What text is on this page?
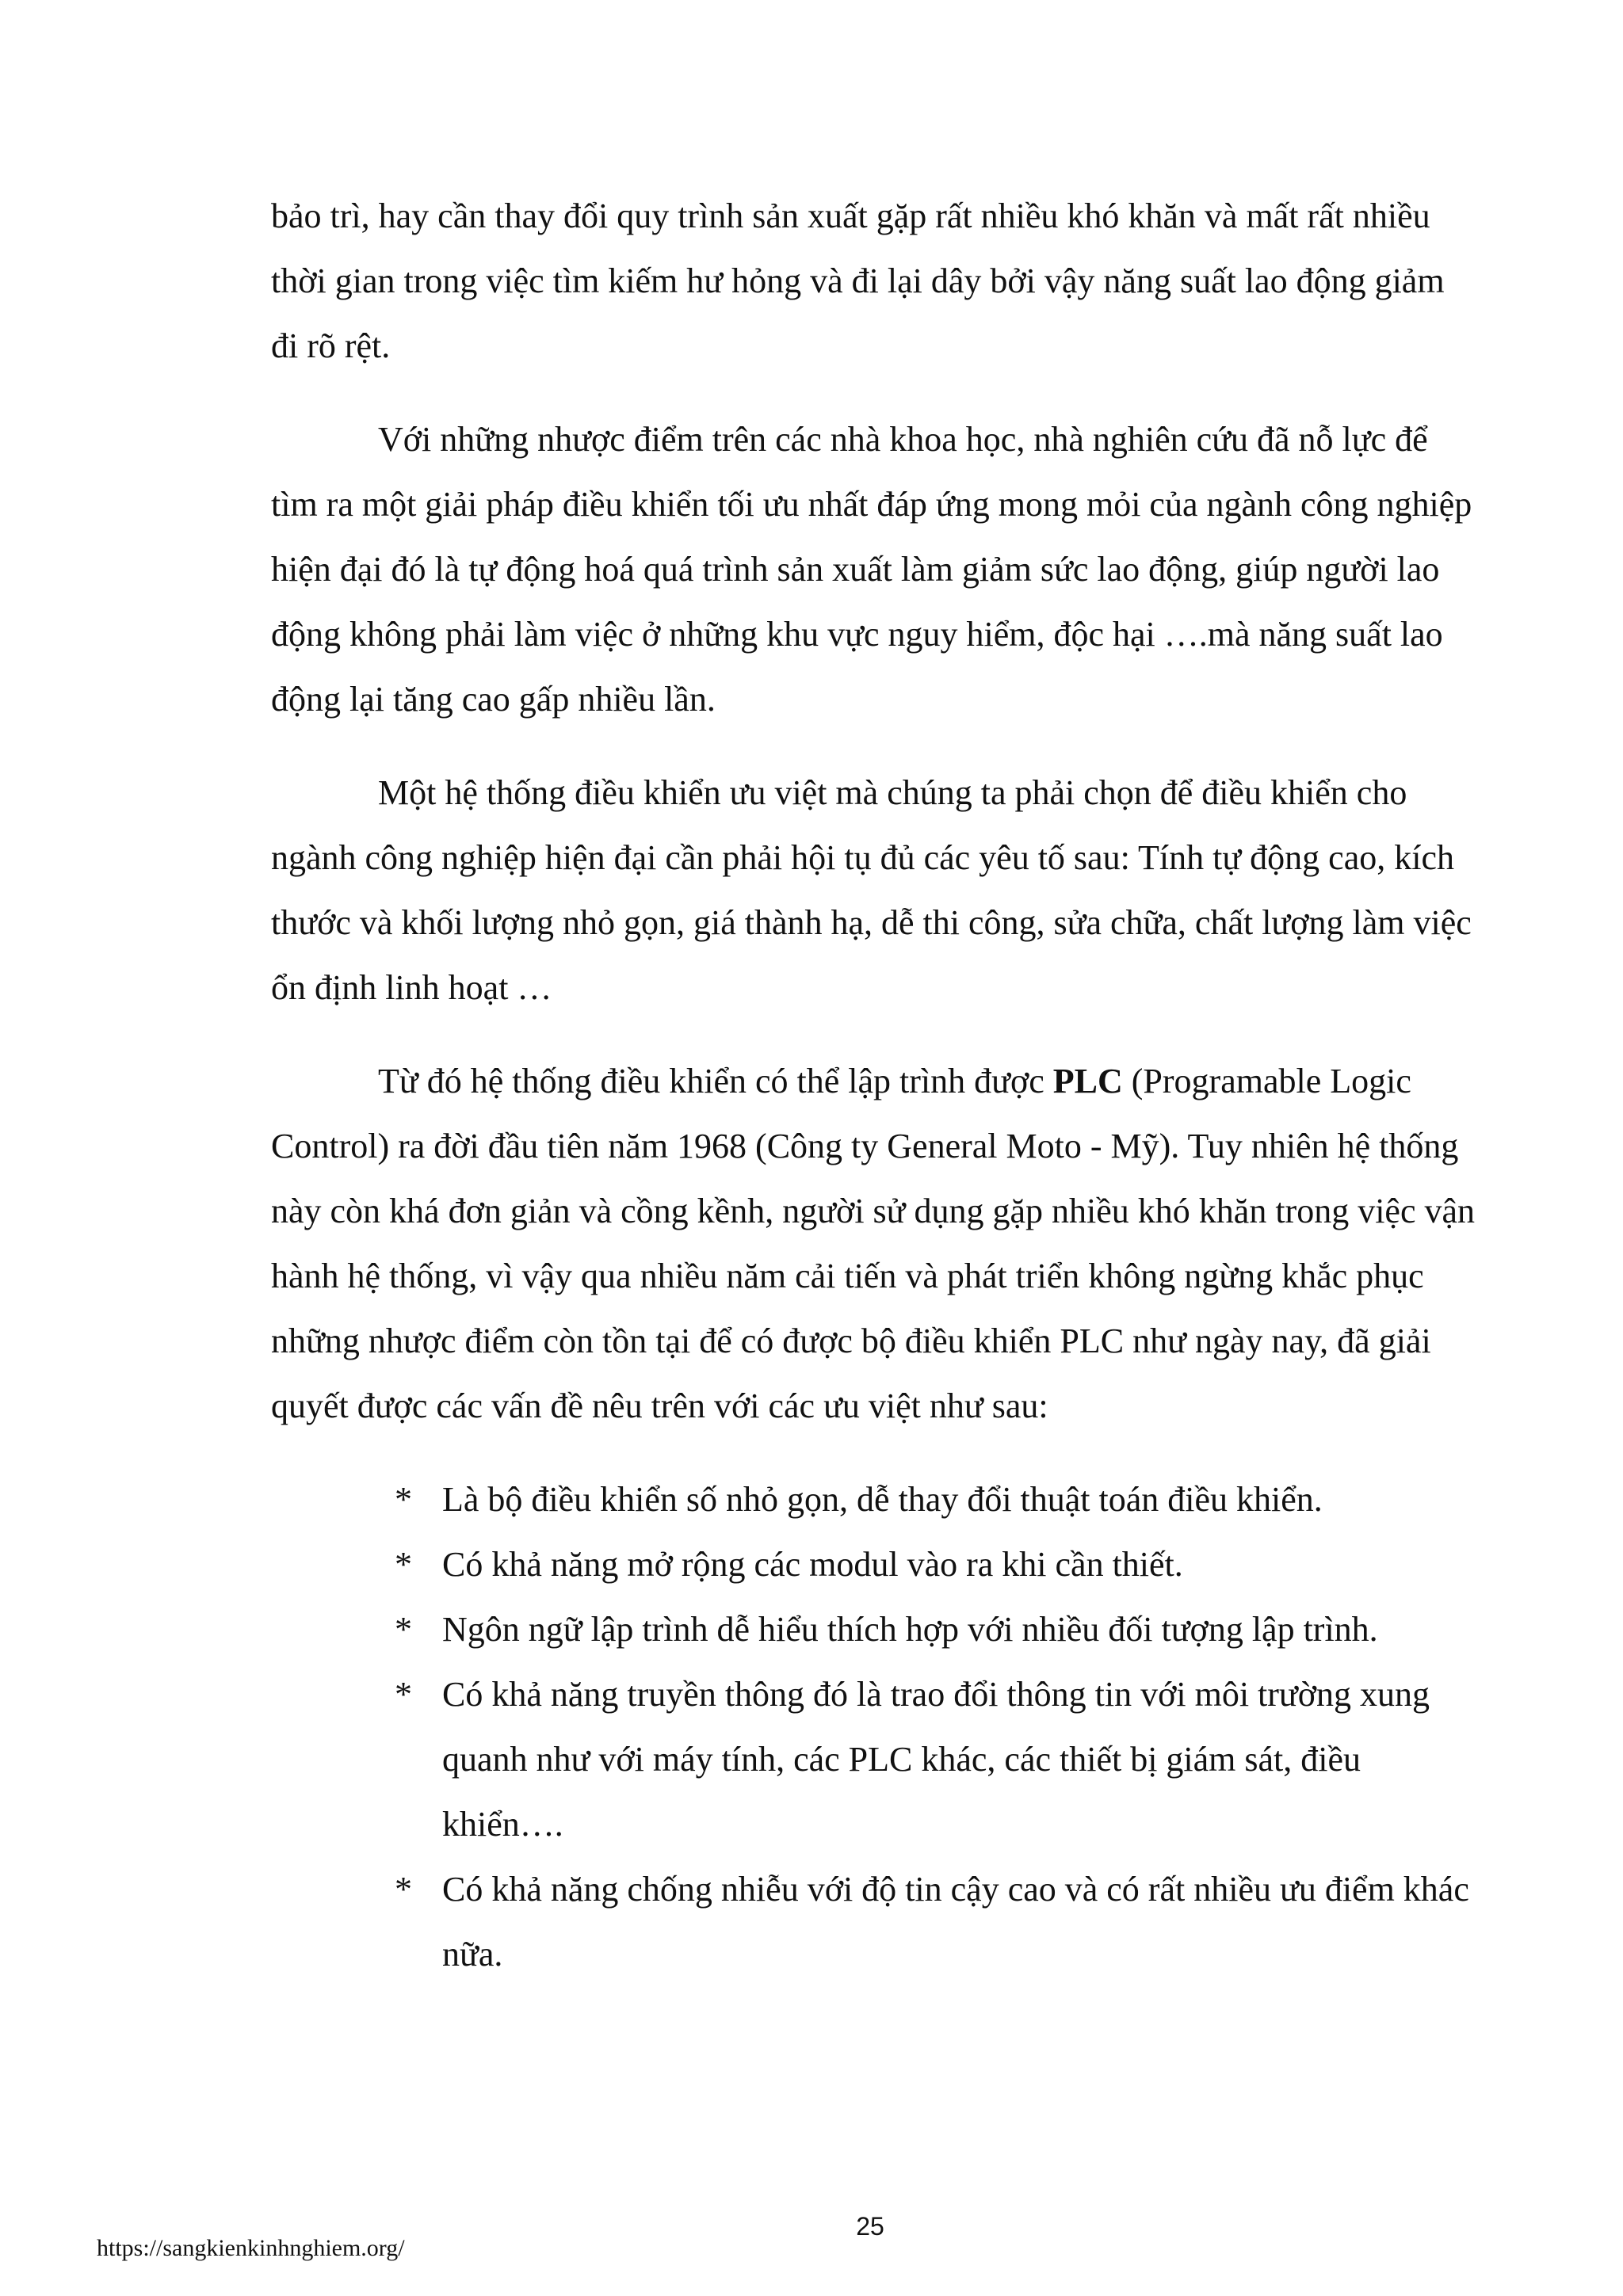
bảo trì, hay cần thay đổi quy trình sản xuất gặp rất nhiều khó khăn và mất rất nhiều thời gian trong việc tìm kiếm hư hỏng và đi lại dây bởi vậy năng suất lao động giảm đi rõ rệt.

Với những nhược điểm trên các nhà khoa học, nhà nghiên cứu đã nỗ lực để tìm ra một giải pháp điều khiển tối ưu nhất đáp ứng mong mỏi của ngành công nghiệp hiện đại đó là tự động hoá quá trình sản xuất làm giảm sức lao động, giúp người lao động không phải làm việc ở những khu vực nguy hiểm, độc hại ….mà năng suất lao động lại tăng cao gấp nhiều lần.

Một hệ thống điều khiển ưu việt mà chúng ta phải chọn để điều khiển cho ngành công nghiệp hiện đại cần phải hội tụ đủ các yêu tố sau: Tính tự động cao, kích thước và khối lượng nhỏ gọn, giá thành hạ, dễ thi công, sửa chữa, chất lượng làm việc ổn định linh hoạt …

Từ đó hệ thống điều khiển có thể lập trình được PLC (Programable Logic Control) ra đời đầu tiên năm 1968 (Công ty General Moto - Mỹ). Tuy nhiên hệ thống này còn khá đơn giản và cồng kềnh, người sử dụng gặp nhiều khó khăn trong việc vận hành hệ thống, vì vậy qua nhiều năm cải tiến và phát triển không ngừng khắc phục những nhược điểm còn tồn tại để có được bộ điều khiển PLC như ngày nay, đã giải quyết được các vấn đề nêu trên với các ưu việt như sau:

* Là bộ điều khiển số nhỏ gọn, dễ thay đổi thuật toán điều khiển.
* Có khả năng mở rộng các modul vào ra khi cần thiết.
* Ngôn ngữ lập trình dễ hiểu thích hợp với nhiều đối tượng lập trình.
* Có khả năng truyền thông đó là trao đổi thông tin với môi trường xung quanh như với máy tính, các PLC khác, các thiết bị giám sát, điều khiển….
* Có khả năng chống nhiễu với độ tin cậy cao và có rất nhiều ưu điểm khác nữa.
25
https://sangkienkinhnghiem.org/
